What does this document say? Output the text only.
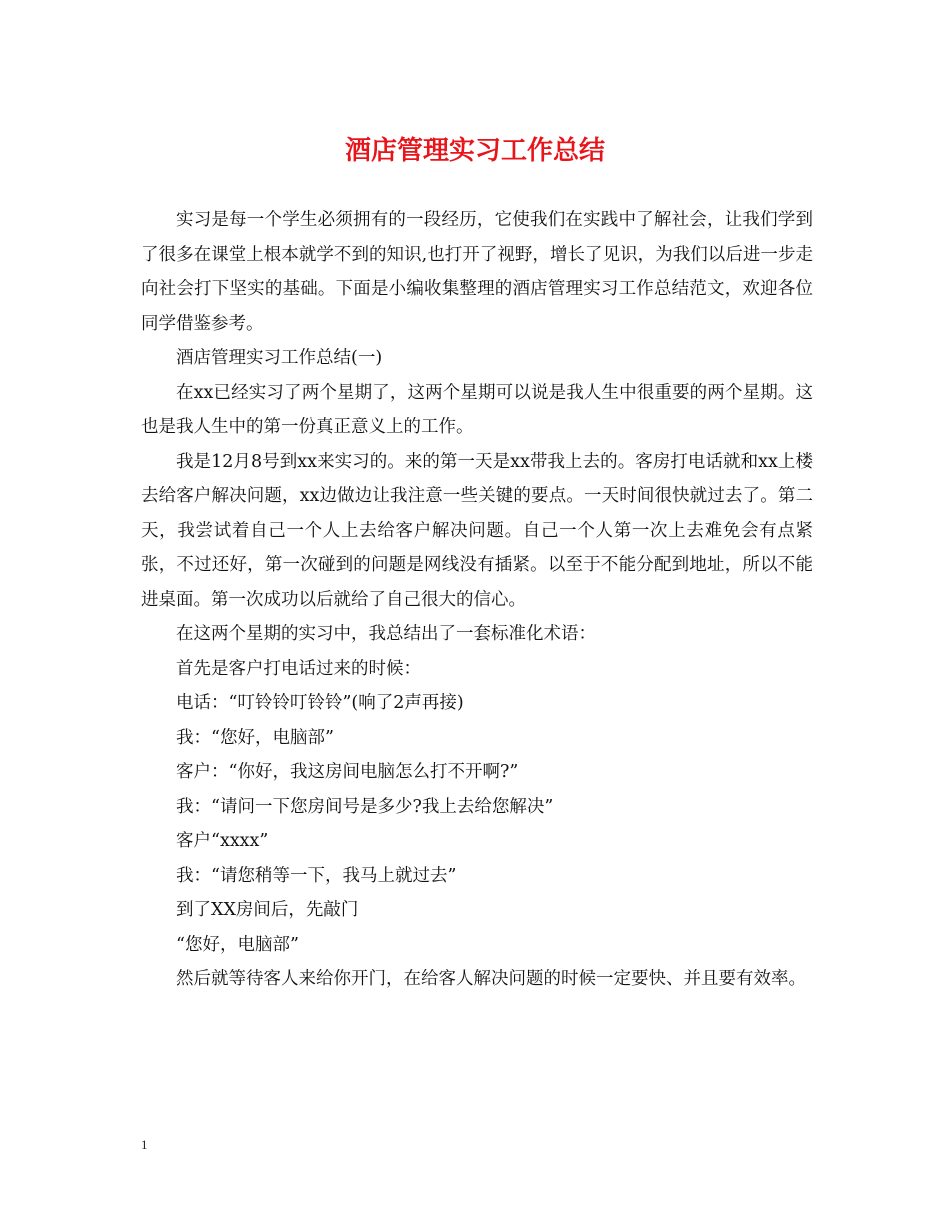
酒店管理实习工作总结

实习是每一个学生必须拥有的一段经历，它使我们在实践中了解社会，让我们学到了很多在课堂上根本就学不到的知识,也打开了视野，增长了见识，为我们以后进一步走向社会打下坚实的基础。下面是小编收集整理的酒店管理实习工作总结范文，欢迎各位同学借鉴参考。

酒店管理实习工作总结(一)

在xx已经实习了两个星期了，这两个星期可以说是我人生中很重要的两个星期。这也是我人生中的第一份真正意义上的工作。

我是12月8号到xx来实习的。来的第一天是xx带我上去的。客房打电话就和xx上楼去给客户解决问题，xx边做边让我注意一些关键的要点。一天时间很快就过去了。第二天，我尝试着自己一个人上去给客户解决问题。自己一个人第一次上去难免会有点紧张，不过还好，第一次碰到的问题是网线没有插紧。以至于不能分配到地址，所以不能进桌面。第一次成功以后就给了自己很大的信心。

在这两个星期的实习中，我总结出了一套标准化术语：

首先是客户打电话过来的时候：

电话：“叮铃铃叮铃铃”(响了2声再接)

我：“您好，电脑部”

客户：“你好，我这房间电脑怎么打不开啊?”

我：“请问一下您房间号是多少?我上去给您解决”

客户“xxxx”

我：“请您稍等一下，我马上就过去”

到了XX房间后，先敲门

“您好，电脑部”

然后就等待客人来给你开门，在给客人解决问题的时候一定要快、并且要有效率。

1
